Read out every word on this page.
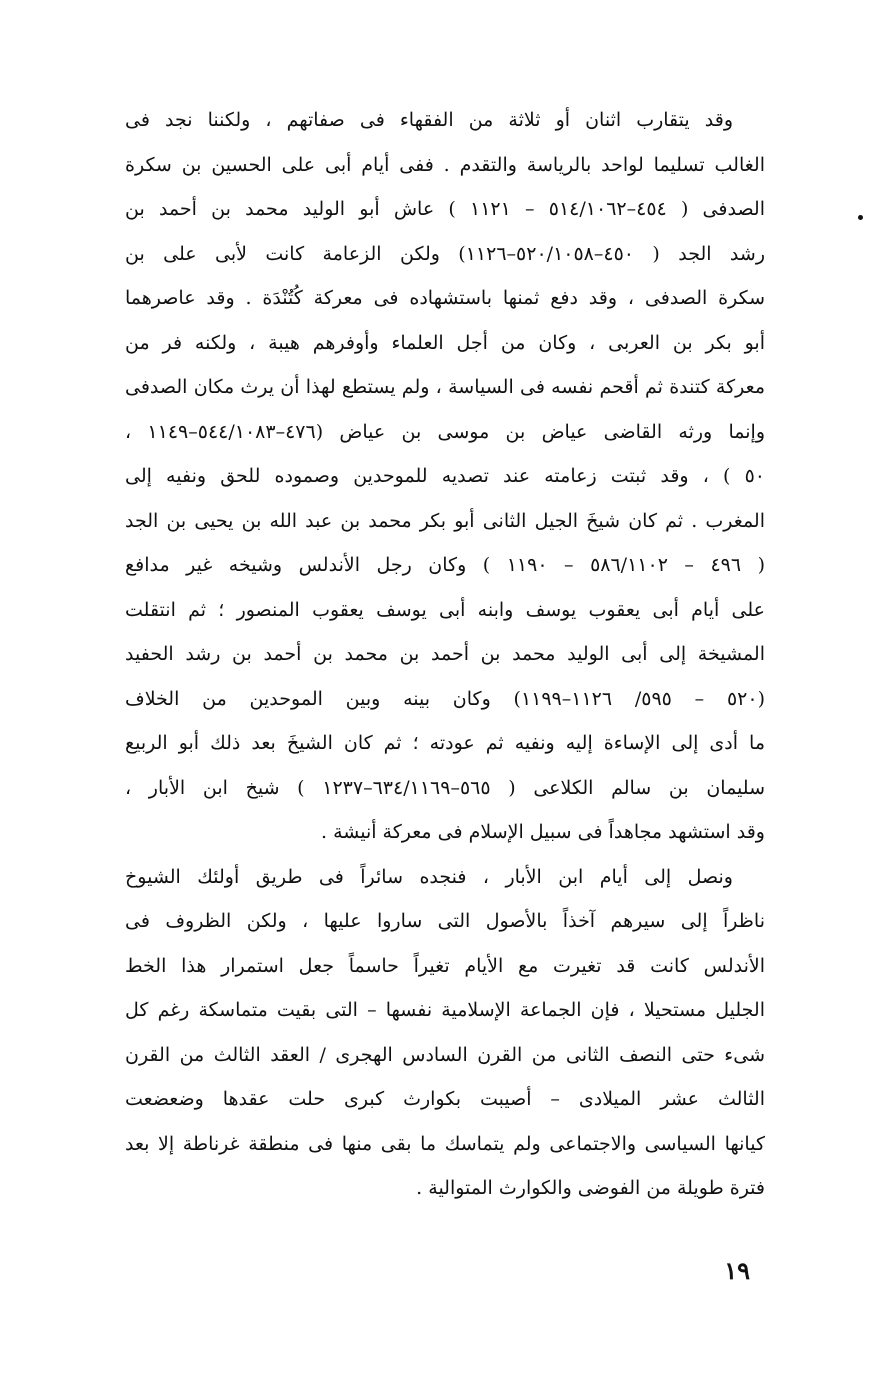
وقد يتقارب اثنان أو ثلاثة من الفقهاء فى صفاتهم ، ولكننا نجد فى
الغالب تسليما لواحد بالرياسة والتقدم . ففى أيام أبى على الحسين بن سكرة
الصدفى ( ٤٥٤–٥١٤/١٠٦٢ – ١١٢١ ) عاش أبو الوليد محمد بن أحمد بن
رشد الجد ( ٤٥٠–٥٢٠/١٠٥٨–١١٢٦) ولكن الزعامة كانت لأبى على بن
سكرة الصدفى ، وقد دفع ثمنها باستشهاده فى معركة كُتُنْدَة . وقد عاصرهما
أبو بكر بن العربى ، وكان من أجل العلماء وأوفرهم هيبة ، ولكنه فر من
معركة كتندة ثم أقحم نفسه فى السياسة ، ولم يستطع لهذا أن يرث مكان الصدفى
وإنما ورثه القاضى عياض بن موسى بن عياض (٤٧٦–٥٤٤/١٠٨٣–١١٤٩ ،
٥٠ ) ، وقد ثبتت زعامته عند تصديه للموحدين وصموده للحق ونفيه إلى
المغرب . ثم كان شيخَ الجيل الثانى أبو بكر محمد بن عبد الله بن يحيى بن الجد
( ٤٩٦ – ٥٨٦/١١٠٢ – ١١٩٠ ) وكان رجل الأندلس وشيخه غير مدافع
على أيام أبى يعقوب يوسف وابنه أبى يوسف يعقوب المنصور ؛ ثم انتقلت
المشيخة إلى أبى الوليد محمد بن أحمد بن محمد بن أحمد بن رشد الحفيد
(٥٢٠ – ٥٩٥/ ١١٢٦–١١٩٩) وكان بينه وبين الموحدين من الخلاف
ما أدى إلى الإساءة إليه ونفيه ثم عودته ؛ ثم كان الشيخَ بعد ذلك أبو الربيع
سليمان بن سالم الكلاعى ( ٥٦٥–٦٣٤/١١٦٩–١٢٣٧ ) شيخ ابن الأبار ،
وقد استشهد مجاهداً فى سبيل الإسلام فى معركة أنيشة .
ونصل إلى أيام ابن الأبار ، فنجده سائراً فى طريق أولئك الشيوخ
ناظراً إلى سيرهم آخذاً بالأصول التى ساروا عليها ، ولكن الظروف فى
الأندلس كانت قد تغيرت مع الأيام تغيراً حاسماً جعل استمرار هذا الخط
الجليل مستحيلا ، فإن الجماعة الإسلامية نفسها – التى بقيت متماسكة رغم كل
شىء حتى النصف الثانى من القرن السادس الهجرى / العقد الثالث من القرن
الثالث عشر الميلادى – أصيبت بكوارث كبرى حلت عقدها وضعضعت
كيانها السياسى والاجتماعى ولم يتماسك ما بقى منها فى منطقة غرناطة إلا بعد
فترة طويلة من الفوضى والكوارث المتوالية .
١٩
